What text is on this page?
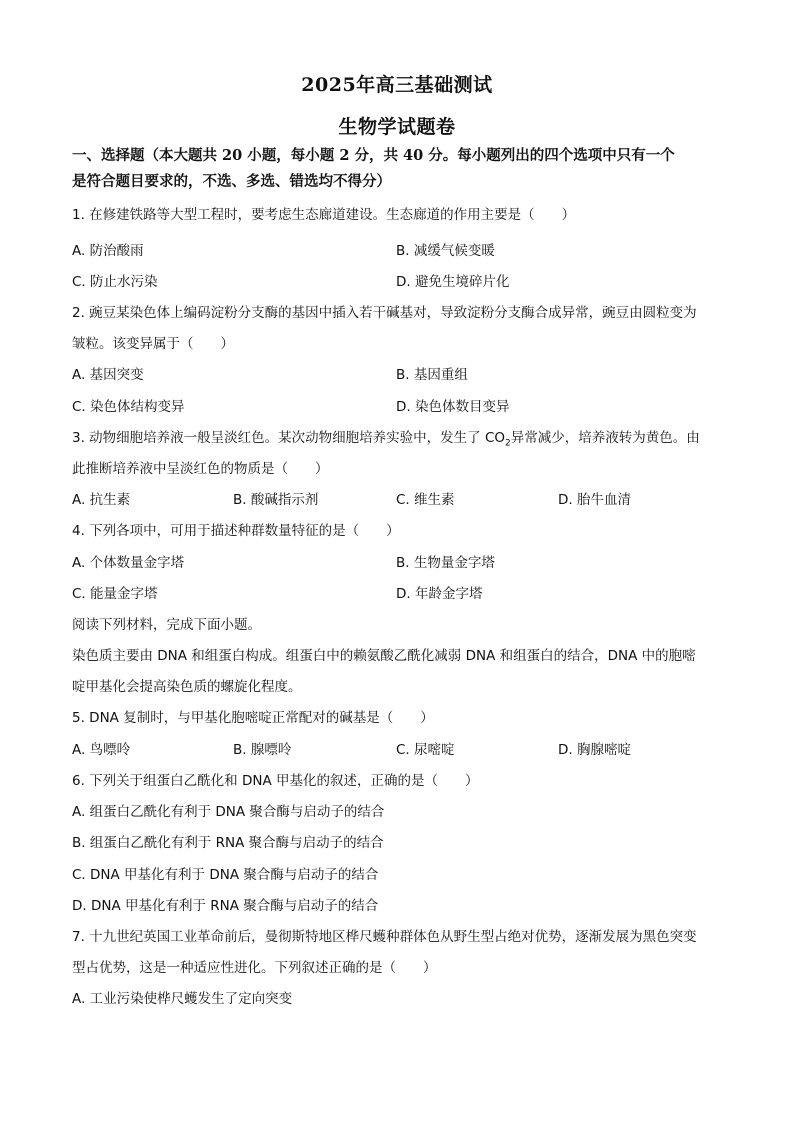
2025年高三基础测试
生物学试题卷
一、选择题（本大题共 20 小题，每小题 2 分，共 40 分。每小题列出的四个选项中只有一个
是符合题目要求的，不选、多选、错选均不得分）
1. 在修建铁路等大型工程时，要考虑生态廊道建设。生态廊道的作用主要是（　　）
A. 防治酸雨	B. 减缓气候变暖
C. 防止水污染	D. 避免生境碎片化
2. 豌豆某染色体上编码淀粉分支酶的基因中插入若干碱基对，导致淀粉分支酶合成异常，豌豆由圆粒变为
皱粒。该变异属于（　　）
A. 基因突变	B. 基因重组
C. 染色体结构变异	D. 染色体数目变异
3. 动物细胞培养液一般呈淡红色。某次动物细胞培养实验中，发生了 $CO_2$异常减少，培养液转为黄色。由
此推断培养液中呈淡红色的物质是（　　）
A. 抗生素	B. 酸碱指示剂	C. 维生素	D. 胎牛血清
4. 下列各项中，可用于描述种群数量特征的是（　　）
A. 个体数量金字塔	B. 生物量金字塔
C. 能量金字塔	D. 年龄金字塔
阅读下列材料，完成下面小题。
染色质主要由 DNA 和组蛋白构成。组蛋白中的赖氨酸乙酰化减弱 DNA 和组蛋白的结合，DNA 中的胞嘧
啶甲基化会提高染色质的螺旋化程度。
5. DNA 复制时，与甲基化胞嘧啶正常配对的碱基是（　　）
A. 鸟嘌呤	B. 腺嘌呤	C. 尿嘧啶	D. 胸腺嘧啶
6. 下列关于组蛋白乙酰化和 DNA 甲基化的叙述，正确的是（　　）
A. 组蛋白乙酰化有利于 DNA 聚合酶与启动子的结合
B. 组蛋白乙酰化有利于 RNA 聚合酶与启动子的结合
C. DNA 甲基化有利于 DNA 聚合酶与启动子的结合
D. DNA 甲基化有利于 RNA 聚合酶与启动子的结合
7. 十九世纪英国工业革命前后，曼彻斯特地区桦尺蠖种群体色从野生型占绝对优势，逐渐发展为黑色突变
型占优势，这是一种适应性进化。下列叙述正确的是（　　）
A. 工业污染使桦尺蠖发生了定向突变
